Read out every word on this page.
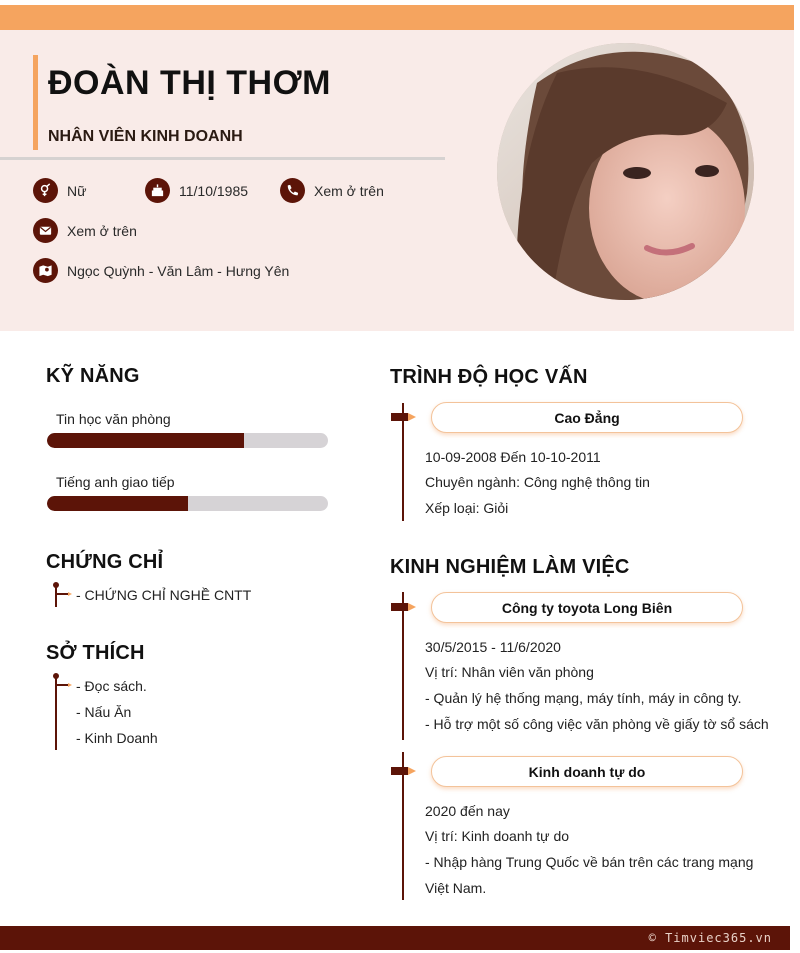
ĐOÀN THỊ THƠM
NHÂN VIÊN KINH DOANH
Nữ	11/10/1985	Xem ở trên
Xem ở trên
Ngọc Quỳnh - Văn Lâm - Hưng Yên
KỸ NĂNG
Tin học văn phòng
Tiếng anh giao tiếp
CHỨNG CHỈ
- CHỨNG CHỈ NGHỀ CNTT
SỞ THÍCH
- Đọc sách.
- Nấu Ăn
- Kinh Doanh
TRÌNH ĐỘ HỌC VẤN
Cao Đẳng
10-09-2008 Đến 10-10-2011
Chuyên ngành: Công nghệ thông tin
Xếp loại: Giỏi
KINH NGHIỆM LÀM VIỆC
Công ty toyota Long Biên
30/5/2015 - 11/6/2020
Vị trí: Nhân viên văn phòng
- Quản lý hệ thống mạng, máy tính, máy in công ty.
- Hỗ trợ một số công việc văn phòng về giấy tờ sổ sách
Kinh doanh tự do
2020 đến nay
Vị trí: Kinh doanh tự do
- Nhập hàng Trung Quốc về bán trên các trang mạng
Việt Nam.
© Timviec365.vn
